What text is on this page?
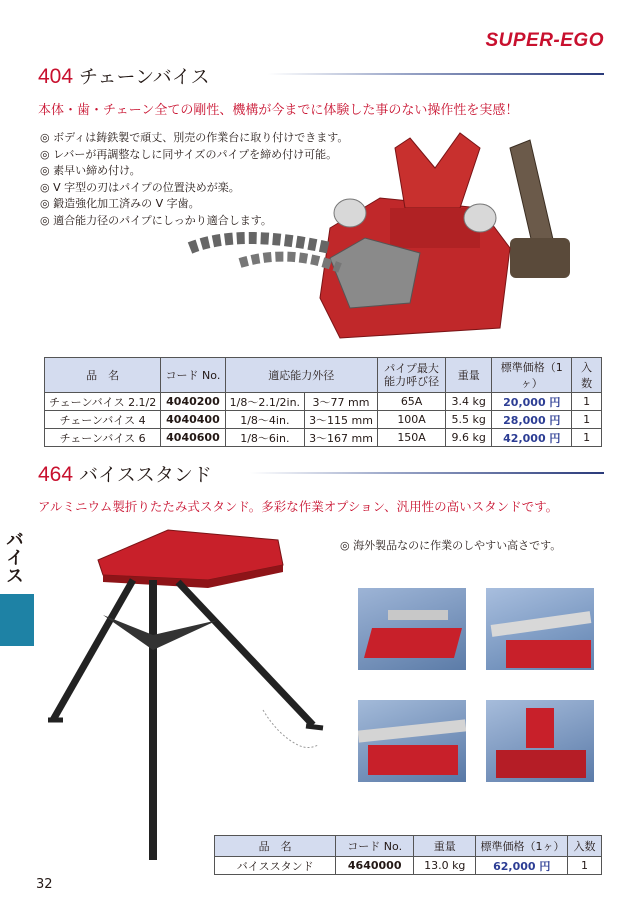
SUPER-EGO
404 チェーンバイス
本体・歯・チェーン全ての剛性、機構が今までに体験した事のない操作性を実感！
◎ ボディは鋳鉄製で頑丈、別売の作業台に取り付けできます。
◎ レバーが再調整なしに同サイズのパイプを締め付け可能。
◎ 素早い締め付け。
◎ V 字型の刃はパイプの位置決めが楽。
◎ 鍛造強化加工済みの V 字歯。
◎ 適合能力径のパイプにしっかり適合します。
品　名	コード No.	適応能力外径		パイプ最大
能力呼び径	重量	標準価格（1ヶ）	入数
チェーンバイス 2.1/2	4040200	1/8～2.1/2in.	3～77 mm	65A	3.4 kg	20,000 円	1
チェーンバイス 4	4040400	1/8～4in.	3～115 mm	100A	5.5 kg	28,000 円	1
チェーンバイス 6	4040600	1/8～6in.	3～167 mm	150A	9.6 kg	42,000 円	1
464 バイススタンド
アルミニウム製折りたたみ式スタンド。多彩な作業オプション、汎用性の高いスタンドです。
バイス	◎ 海外製品なのに作業のしやすい高さです。
品　名	コード No.	重量	標準価格（1ヶ）	入数
バイススタンド	4640000	13.0 kg	62,000 円	1
32
